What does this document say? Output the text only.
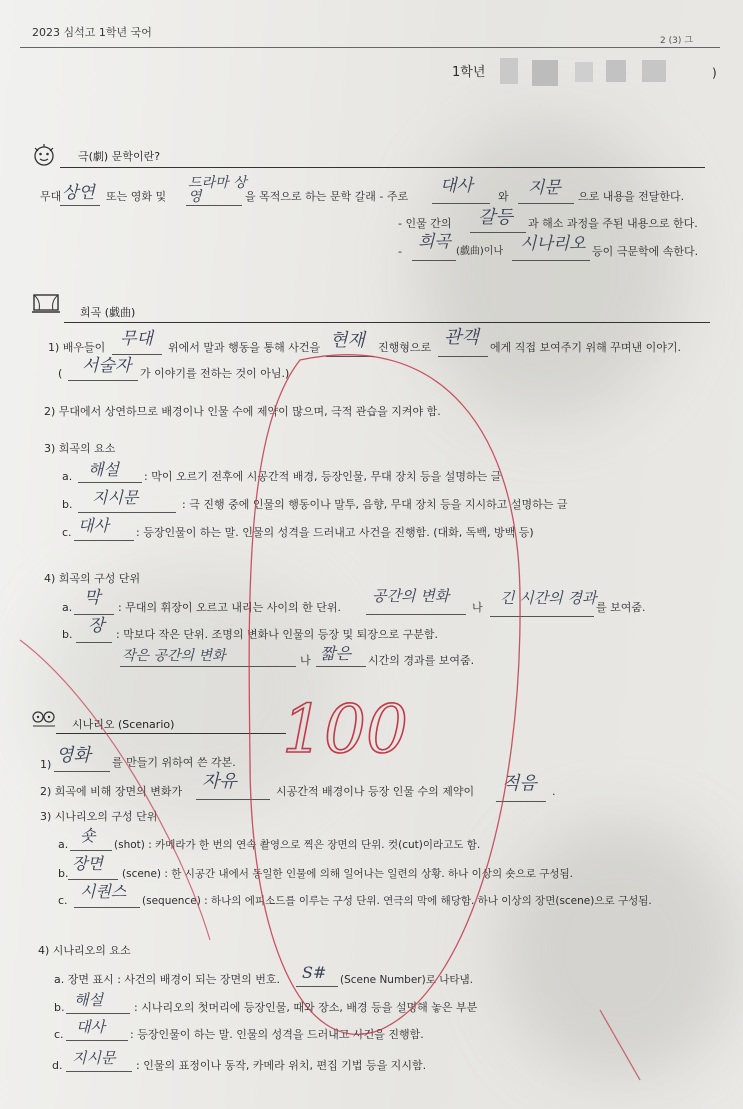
2023 심석고 1학년 국어
2 (3) 그
1학년	)
극(劇) 문학이란?
무대 상연 또는 영화 및
드라마 상영	을 목적으로 하는 문학 갈래 - 주로
대사
와 지문 으로 내용을 전달한다.
- 인물 간의 갈등 과 해소 과정을 주된 내용으로 한다.
- 희곡 (戱曲)이나 시나리오 등이 극문학에 속한다.
희곡 (戱曲)
1) 배우들이 무대 위에서 말과 행동을 통해 사건을 현재 진행형으로 관객 에게 직접 보여주기 위해 꾸며낸 이야기.
( 서술자 가 이야기를 전하는 것이 아님.)
2) 무대에서 상연하므로 배경이나 인물 수에 제약이 많으며, 극적 관습을 지켜야 함.
3) 희곡의 요소
a. 해설 : 막이 오르기 전후에 시공간적 배경, 등장인물, 무대 장치 등을 설명하는 글
b. 지시문	: 극 진행 중에 인물의 행동이나 말투, 음향, 무대 장치 등을 지시하고 설명하는 글
c. 대사 : 등장인물이 하는 말. 인물의 성격을 드러내고 사건을 진행함. (대화, 독백, 방백 등)
4) 희곡의 구성 단위
a. 막 : 무대의 휘장이 오르고 내리는 사이의 한 단위.
공간의 변화
나
긴 시간의 경과
를 보여줌.
b. 장 : 막보다 작은 단위. 조명의 변화나 인물의 등장 및 퇴장으로 구분함.
작은 공간의 변화	나 짧은 시간의 경과를 보여줌.
시나리오 (Scenario)
1) 영화 를 만들기 위하여 쓴 각본.
2) 희곡에 비해 장면의 변화가 자유	시공간적 배경이나 등장 인물 수의 제약이 적음 .
3) 시나리오의 구성 단위
a. 숏 (shot) : 카메라가 한 번의 연속 촬영으로 찍은 장면의 단위. 컷(cut)이라고도 함.
b.
장면
(scene) : 한 시공간 내에서 동일한 인물에 의해 일어나는 일련의 상황. 하나 이상의 숏으로 구성됨.
c. 시퀀스 (sequence) : 하나의 에피소드를 이루는 구성 단위. 연극의 막에 해당함. 하나 이상의 장면(scene)으로 구성됨.
4) 시나리오의 요소
a. 장면 표시 : 사건의 배경이 되는 장면의 번호. S# (Scene Number)로 나타냄.
b. 해설	: 시나리오의 첫머리에 등장인물, 때와 장소, 배경 등을 설명해 놓은 부분
c. 대사 : 등장인물이 하는 말. 인물의 성격을 드러내고 사건을 진행함.
d. 지시문 : 인물의 표정이나 동작, 카메라 위치, 편집 기법 등을 지시함.
100
